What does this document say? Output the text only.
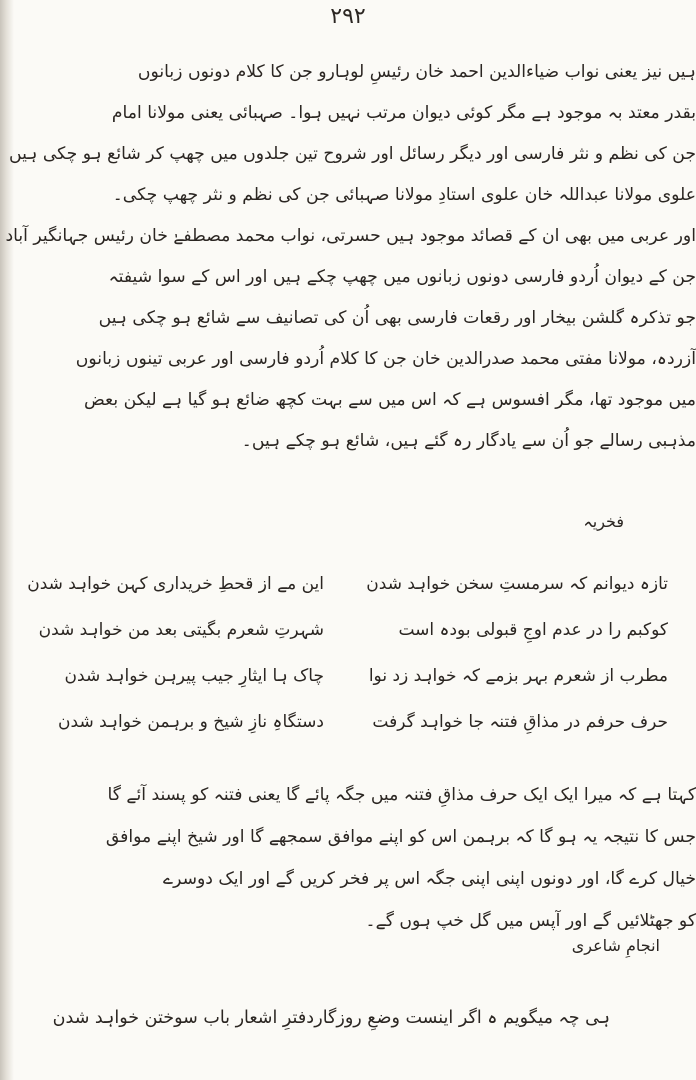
۲۹۲
ہیں نیز یعنی نواب ضیاءالدین احمد خان رئیسِ لوہارو جن کا کلام دونوں زبانوں
بقدر معتد بہ موجود ہے مگر کوئی دیوان مرتب نہیں ہوا۔ صہبائی یعنی مولانا امام
جن کی نظم و نثر فارسی اور دیگر رسائل اور شروح تین جلدوں میں چھپ کر شائع ہو چکی ہیں
علوی مولانا عبداللہ خان علوی استادِ مولانا صہبائی جن کی نظم و نثر چھپ چکی۔
اور عربی میں بھی ان کے قصائد موجود ہیں حسرتی، نواب محمد مصطفےٰ خان رئیس جہانگیر آباد
جن کے دیوان اُردو فارسی دونوں زبانوں میں چھپ چکے ہیں اور اس کے سوا شیفتہ
جو تذکرہ گلشن بیخار اور رقعات فارسی بھی اُن کی تصانیف سے شائع ہو چکی ہیں
آزردہ، مولانا مفتی محمد صدرالدین خان جن کا کلام اُردو فارسی اور عربی تینوں زبانوں
میں موجود تھا، مگر افسوس ہے کہ اس میں سے بہت کچھ ضائع ہو گیا ہے لیکن بعض
مذہبی رسالے جو اُن سے یادگار رہ گئے ہیں، شائع ہو چکے ہیں۔
فخریہ
تازہ دیوانم کہ سرمستِ سخن خواہد شدن
این مے از قحطِ خریداری کہن خواہد شدن
کوکبم را در عدم اوجِ قبولی بودہ است
شہرتِ شعرم بگیتی بعد من خواہد شدن
مطرب از شعرم بہر بزمے کہ خواہد زد نوا
چاک ہا ایثارِ جیب پیرہن خواہد شدن
حرف حرفم در مذاقِ فتنہ جا خواہد گرفت
دستگاہِ نازِ شیخ و برہمن خواہد شدن
کہتا ہے کہ میرا ایک ایک حرف مذاقِ فتنہ میں جگہ پائے گا یعنی فتنہ کو پسند آئے گا
جس کا نتیجہ یہ ہو گا کہ برہمن اس کو اپنے موافق سمجھے گا اور شیخ اپنے موافق
خیال کرے گا، اور دونوں اپنی اپنی جگہ اس پر فخر کریں گے اور ایک دوسرے
کو جھٹلائیں گے اور آپس میں گل خپ ہوں گے۔
انجامِ شاعری
ہی چہ میگویم ہ اگر اینست وضعِ روزگار
دفترِ اشعار باب سوختن خواہد شدن
